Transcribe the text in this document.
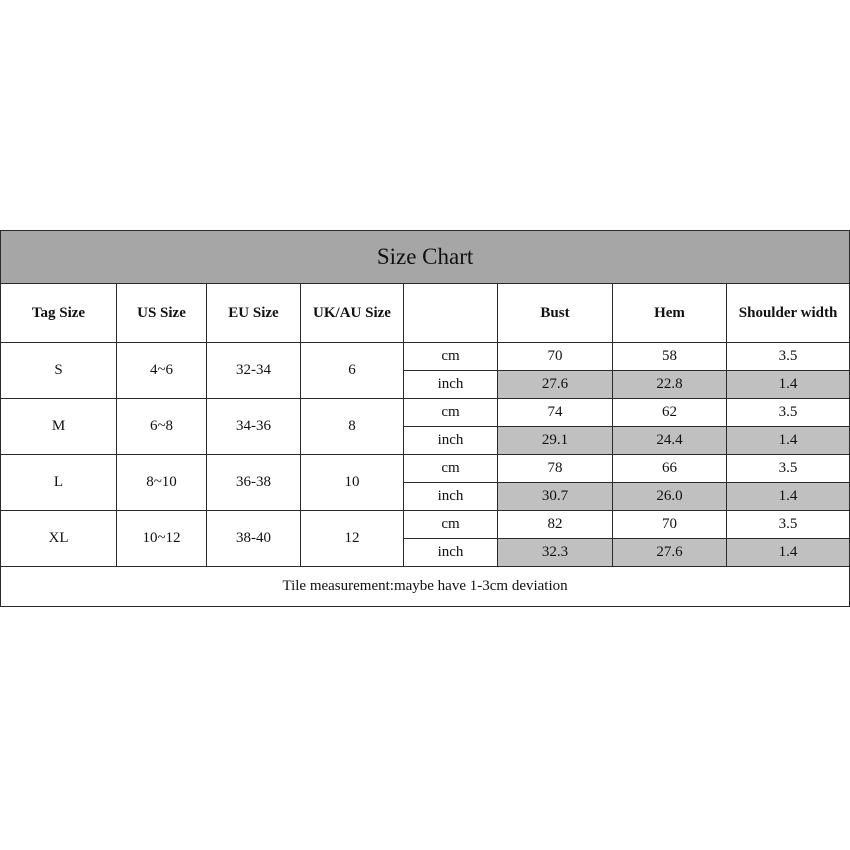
Size Chart							
Tag Size	US Size	EU Size	UK/AU Size		Bust	Hem	Shoulder width
S	4~6	32-34	6	cm	70	58	3.5
				inch	27.6	22.8	1.4
M	6~8	34-36	8	cm	74	62	3.5
				inch	29.1	24.4	1.4
L	8~10	36-38	10	cm	78	66	3.5
				inch	30.7	26.0	1.4
XL	10~12	38-40	12	cm	82	70	3.5
				inch	32.3	27.6	1.4
Tile measurement:maybe have 1-3cm deviation							
